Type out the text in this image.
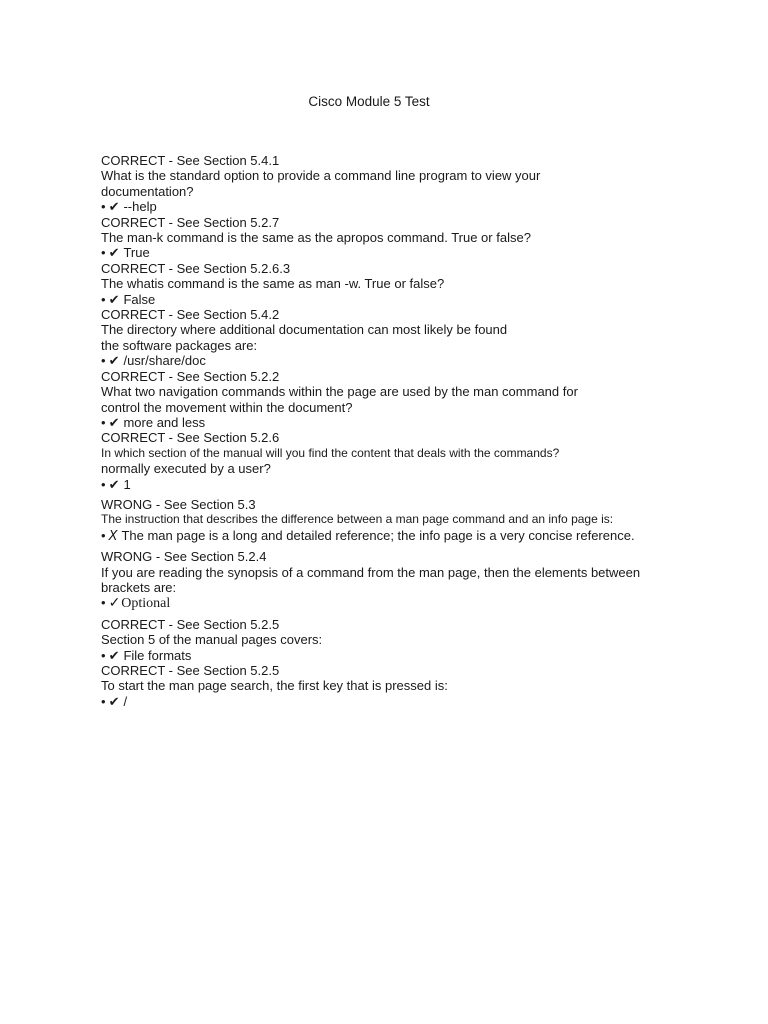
Cisco Module 5 Test

CORRECT - See Section 5.4.1

What is the standard option to provide a command line program to view your

documentation?

• ✔ --help

CORRECT - See Section 5.2.7

The man-k command is the same as the apropos command. True or false?

• ✔ True

CORRECT - See Section 5.2.6.3

The whatis command is the same as man -w. True or false?

• ✔ False

CORRECT - See Section 5.4.2

The directory where additional documentation can most likely be found

the software packages are:

• ✔ /usr/share/doc

CORRECT - See Section 5.2.2

What two navigation commands within the page are used by the man command for

control the movement within the document?

• ✔ more and less

CORRECT - See Section 5.2.6

In which section of the manual will you find the content that deals with the commands?

normally executed by a user?

• ✔ 1

WRONG - See Section 5.3

The instruction that describes the difference between a man page command and an info page is:

• X The man page is a long and detailed reference; the info page is a very concise reference.

WRONG - See Section 5.2.4

If you are reading the synopsis of a command from the man page, then the elements between

brackets are:

• ✓Optional

CORRECT - See Section 5.2.5

Section 5 of the manual pages covers:

• ✔ File formats

CORRECT - See Section 5.2.5

To start the man page search, the first key that is pressed is:

• ✔ /
